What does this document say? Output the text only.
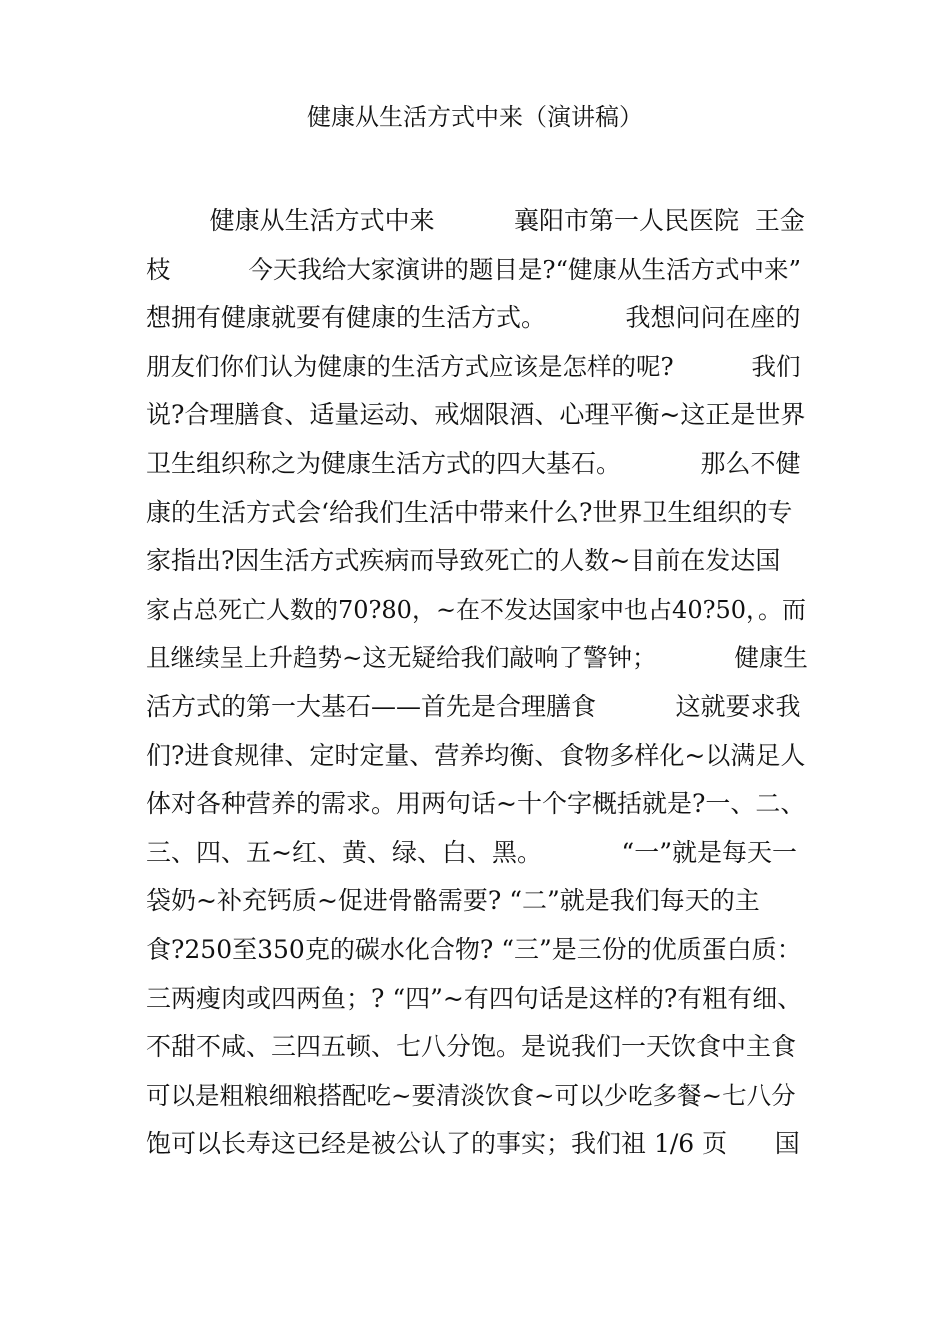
健康从生活方式中来（演讲稿）
健康从生活方式中来          襄阳市第一人民医院  王金
枝          今天我给大家演讲的题目是?“健康从生活方式中来”
想拥有健康就要有健康的生活方式。          我想问问在座的
朋友们你们认为健康的生活方式应该是怎样的呢?          我们
说?合理膳食、适量运动、戒烟限酒、心理平衡~这正是世界
卫生组织称之为健康生活方式的四大基石。          那么不健
康的生活方式会‘给我们生活中带来什么?世界卫生组织的专
家指出?因生活方式疾病而导致死亡的人数~目前在发达国
家占总死亡人数的70?80，~在不发达国家中也占40?50，。而
且继续呈上升趋势~这无疑给我们敲响了警钟；          健康生
活方式的第一大基石——首先是合理膳食          这就要求我
们?进食规律、定时定量、营养均衡、食物多样化~以满足人
体对各种营养的需求。用两句话~十个字概括就是?一、二、
三、四、五~红、黄、绿、白、黑。          “一”就是每天一
袋奶~补充钙质~促进骨骼需要? “二”就是我们每天的主
食?250至350克的碳水化合物? “三”是三份的优质蛋白质：
三两瘦肉或四两鱼；? “四”~有四句话是这样的?有粗有细、
不甜不咸、三四五顿、七八分饱。是说我们一天饮食中主食
可以是粗粮细粮搭配吃~要清淡饮食~可以少吃多餐~七八分
饱可以长寿这已经是被公认了的事实；我们祖 1/6 页      国
